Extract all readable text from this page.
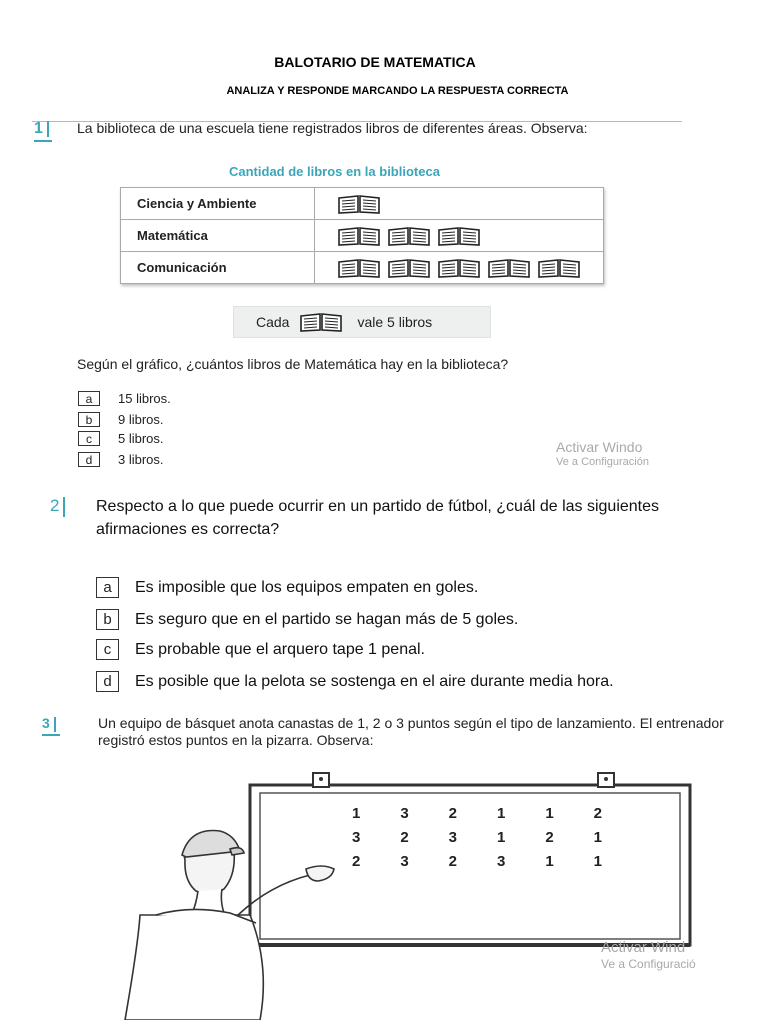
BALOTARIO DE MATEMATICA
ANALIZA Y RESPONDE MARCANDO LA RESPUESTA CORRECTA
1	La biblioteca de una escuela tiene registrados libros de diferentes áreas. Observa:
Cantidad de libros en la biblioteca
Ciencia y Ambiente	
Matemática	
Comunicación	
Cada	vale 5 libros
Según el gráfico, ¿cuántos libros de Matemática hay en la biblioteca?
a	15 libros.
b	9 libros.
c	5 libros.
d	3 libros.
Activar Windo
Ve a Configuración
2	Respecto a lo que puede ocurrir en un partido de fútbol, ¿cuál de las siguientes afirmaciones es correcta?
a	Es imposible que los equipos empaten en goles.
b	Es seguro que en el partido se hagan más de 5 goles.
c	Es probable que el arquero tape 1 penal.
d	Es posible que la pelota se sostenga en el aire durante media hora.
3	Un equipo de básquet anota canastas de 1, 2 o 3 puntos según el tipo de lanzamiento. El entrenador registró estos puntos en la pizarra. Observa:
1	3	2	1	1	2
3	2	3	1	2	1
2	3	2	3	1	1
Activar Wind
Ve a Configuració
